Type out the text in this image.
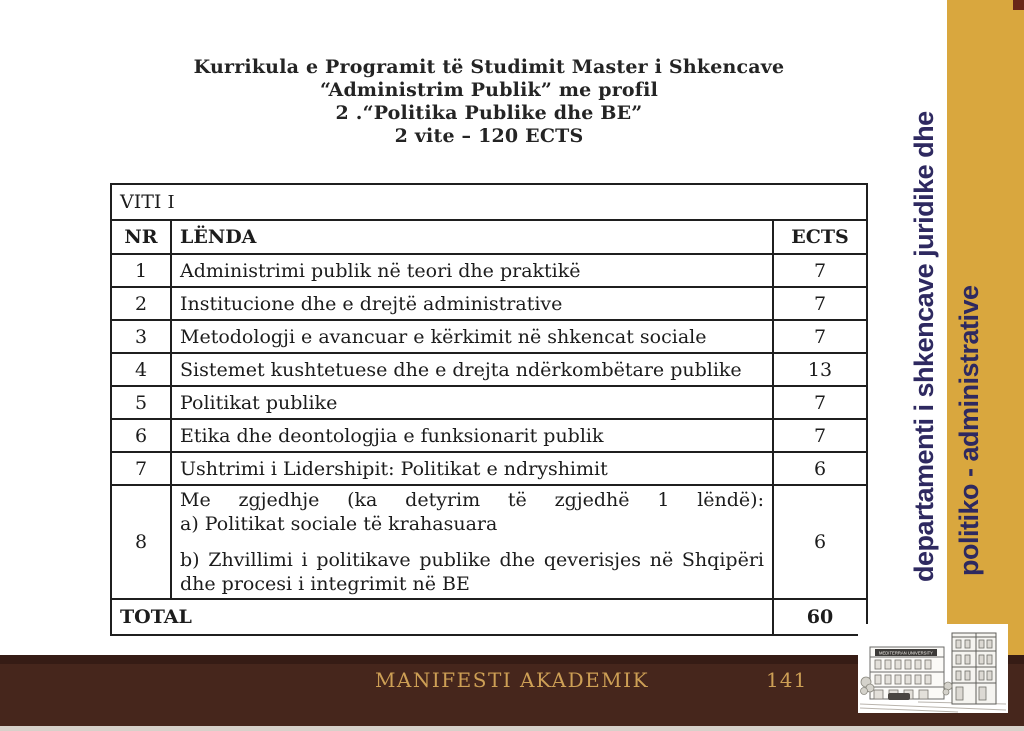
Kurrikula e Programit të Studimit Master i Shkencave
“Administrim Publik” me profil
2 .“Politika Publike dhe BE”
2 vite – 120 ECTS
VITI I		
NR	LËNDA	ECTS
1	Administrimi publik në teori dhe praktikë	7
2	Institucione dhe e drejtë administrative	7
3	Metodologji e avancuar e kërkimit në shkencat sociale	7
4	Sistemet kushtetuese dhe e drejta ndërkombëtare publike	13
5	Politikat publike	7
6	Etika dhe deontologjia e funksionarit publik	7
7	Ushtrimi i Lidershipit: Politikat e ndryshimit	6
8	Me zgjedhje (ka detyrim të zgjedhë 1 lëndë):
a) Politikat sociale të krahasuara
b) Zhvillimi i politikave publike dhe qeverisjes në Shqipëri dhe procesi i integrimit në BE	6
TOTAL		60
departamenti i shkencave juridike dhe politiko - administrative
MANIFESTI AKADEMIK	141
MEDITERRAN UNIVERSITY
